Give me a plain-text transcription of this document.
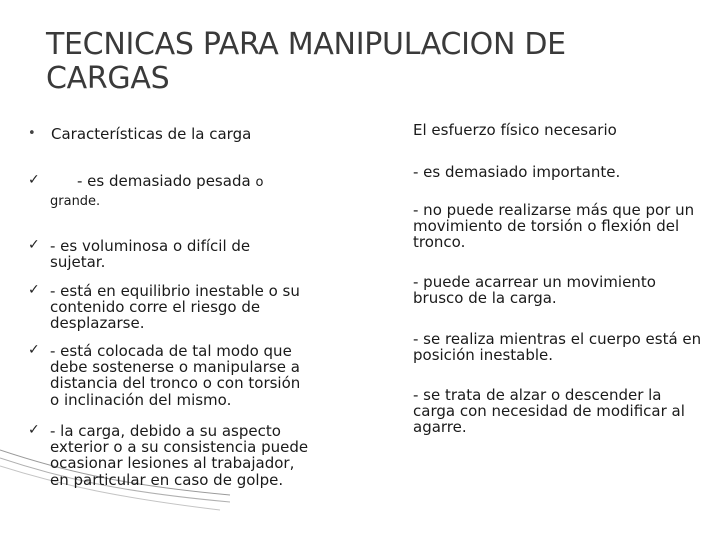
TECNICAS PARA MANIPULACION DE CARGAS
• Características de la carga
✓	- es demasiado pesada o
grande.
✓ - es voluminosa o difícil de sujetar.
✓ - está en equilibrio inestable o su contenido corre el riesgo de desplazarse.
✓ - está colocada de tal modo que debe sostenerse o manipularse a distancia del tronco o con torsión o inclinación del mismo.
✓ - la carga, debido a su aspecto exterior o a su consistencia puede ocasionar lesiones al trabajador, en particular en caso de golpe.
El esfuerzo físico necesario
- es demasiado importante.
- no puede realizarse más que por un movimiento de torsión o flexión del tronco.
- puede acarrear un movimiento brusco de la carga.
- se realiza mientras el cuerpo está en posición inestable.
- se trata de alzar o descender la carga con necesidad de modificar al agarre.
